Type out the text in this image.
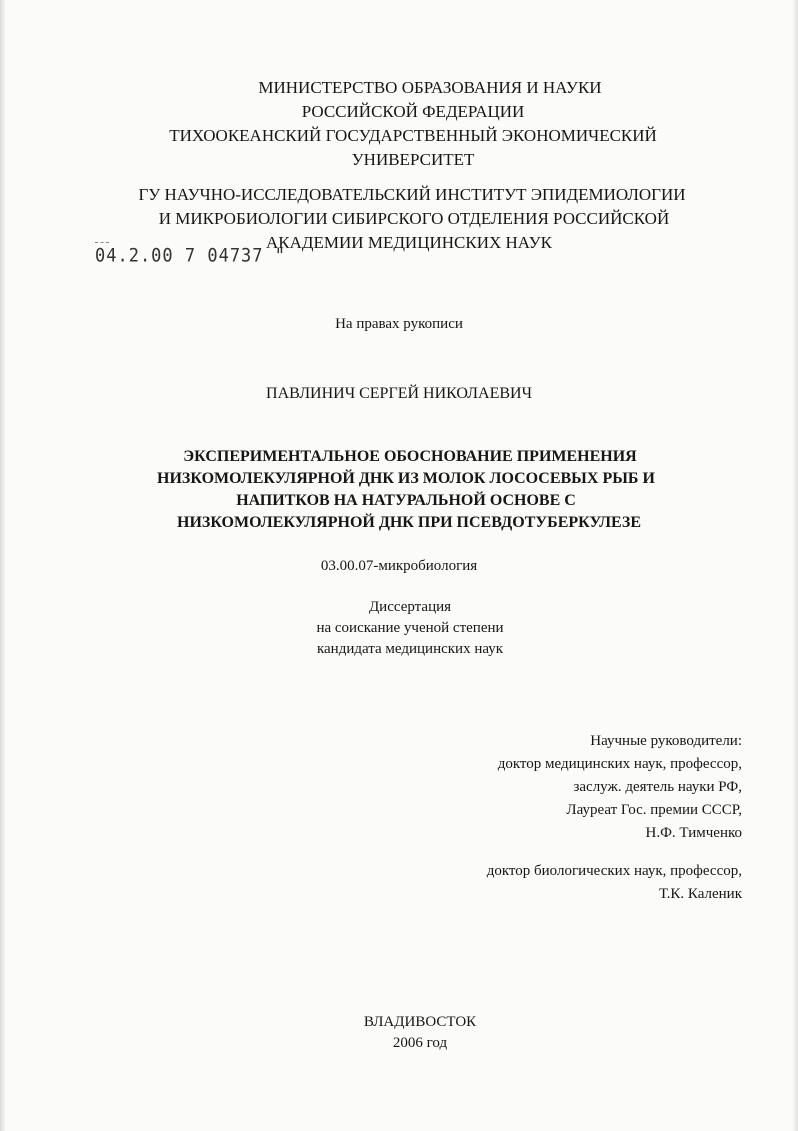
МИНИСТЕРСТВО ОБРАЗОВАНИЯ И НАУКИ
РОССИЙСКОЙ ФЕДЕРАЦИИ
ТИХООКЕАНСКИЙ ГОСУДАРСТВЕННЫЙ ЭКОНОМИЧЕСКИЙ
УНИВЕРСИТЕТ
ГУ НАУЧНО-ИССЛЕДОВАТЕЛЬСКИЙ ИНСТИТУТ ЭПИДЕМИОЛОГИИ
И МИКРОБИОЛОГИИ СИБИРСКОГО ОТДЕЛЕНИЯ РОССИЙСКОЙ
АКАДЕМИИ МЕДИЦИНСКИХ НАУК
04.2.00 7 04737 "
На правах рукописи
ПАВЛИНИЧ СЕРГЕЙ НИКОЛАЕВИЧ
ЭКСПЕРИМЕНТАЛЬНОЕ ОБОСНОВАНИЕ ПРИМЕНЕНИЯ
НИЗКОМОЛЕКУЛЯРНОЙ ДНК ИЗ МОЛОК ЛОСОСЕВЫХ РЫБ И
НАПИТКОВ НА НАТУРАЛЬНОЙ ОСНОВЕ С
НИЗКОМОЛЕКУЛЯРНОЙ ДНК ПРИ ПСЕВДОТУБЕРКУЛЕЗЕ
03.00.07-микробиология
Диссертация
на соискание ученой степени
кандидата медицинских наук
Научные руководители:
доктор медицинских наук, профессор,
заслуж. деятель науки РФ,
Лауреат Гос. премии СССР,
Н.Ф. Тимченко
доктор биологических наук, профессор,
Т.К. Каленик
ВЛАДИВОСТОК
2006 год
